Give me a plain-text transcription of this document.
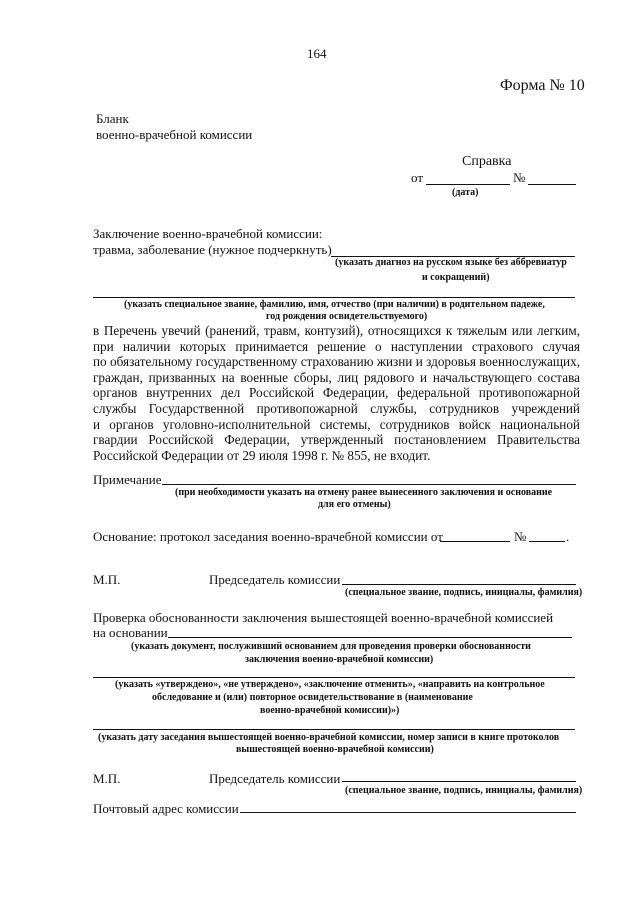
164
Форма № 10
Бланк
военно-врачебной комиссии
Справка
от	№
(дата)
Заключение военно-врачебной комиссии:
травма, заболевание (нужное подчеркнуть)
(указать диагноз на русском языке без аббревиатур
и сокращений)
(указать специальное звание, фамилию, имя, отчество (при наличии) в родительном падеже,
год рождения освидетельствуемого)
в Перечень увечий (ранений, травм, контузий), относящихся к тяжелым или легким,
при наличии которых принимается решение о наступлении страхового случая
по обязательному государственному страхованию жизни и здоровья военнослужащих,
граждан, призванных на военные сборы, лиц рядового и начальствующего состава
органов внутренних дел Российской Федерации, федеральной противопожарной
службы Государственной противопожарной службы, сотрудников учреждений
и органов уголовно-исполнительной системы, сотрудников войск национальной
гвардии Российской Федерации, утвержденный постановлением Правительства
Российской Федерации от 29 июля 1998 г. № 855, не входит.
Примечание
(при необходимости указать на отмену ранее вынесенного заключения и основание
для его отмены)
Основание: протокол заседания военно-врачебной комиссии от	№	.
М.П.	Председатель комиссии
(специальное звание, подпись, инициалы, фамилия)
Проверка обоснованности заключения вышестоящей военно-врачебной комиссией
на основании
(указать документ, послуживший основанием для проведения проверки обоснованности
заключения военно-врачебной комиссии)
(указать «утверждено», «не утверждено», «заключение отменить», «направить на контрольное
обследование и (или) повторное освидетельствование в (наименование
военно-врачебной комиссии)»)
(указать дату заседания вышестоящей военно-врачебной комиссии, номер записи в книге протоколов
вышестоящей военно-врачебной комиссии)
М.П.	Председатель комиссии
(специальное звание, подпись, инициалы, фамилия)
Почтовый адрес комиссии
